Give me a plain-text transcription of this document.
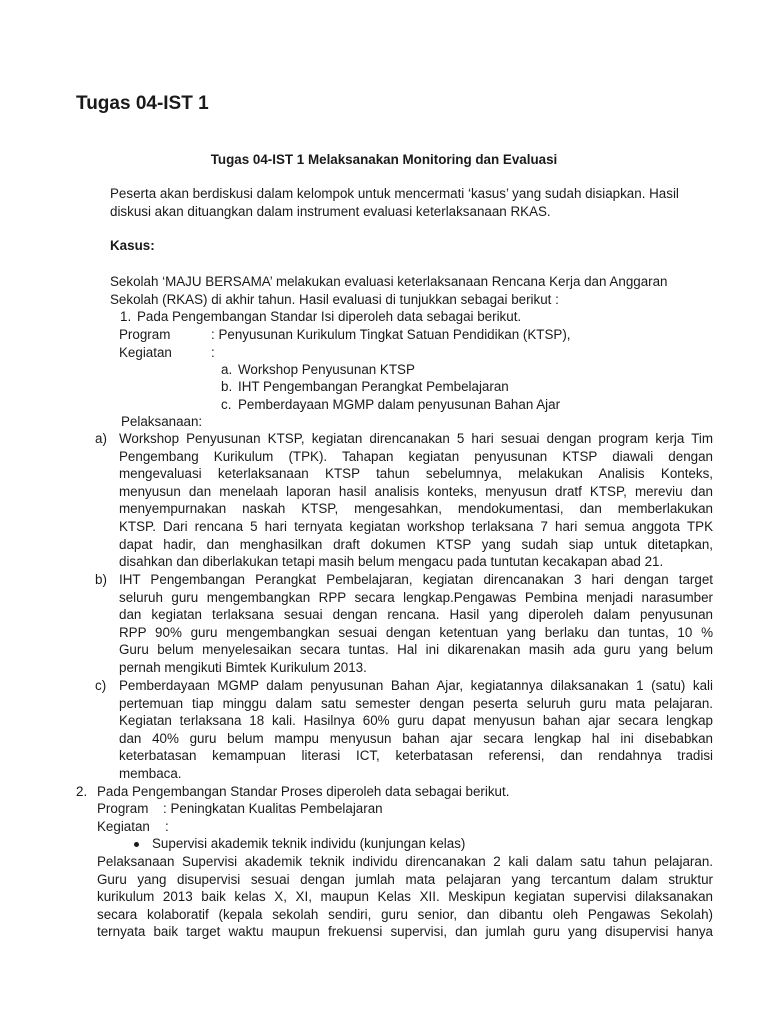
Tugas 04-IST 1
Tugas 04-IST 1 Melaksanakan Monitoring dan Evaluasi
Peserta akan berdiskusi dalam kelompok untuk mencermati ‘kasus’ yang sudah disiapkan. Hasil
diskusi akan dituangkan dalam instrument evaluasi keterlaksanaan RKAS.
Kasus:
Sekolah ‘MAJU BERSAMA’ melakukan evaluasi keterlaksanaan Rencana Kerja dan Anggaran
Sekolah (RKAS) di akhir tahun. Hasil evaluasi di tunjukkan sebagai berikut :
1. Pada Pengembangan Standar Isi diperoleh data sebagai berikut.
Program	: Penyusunan Kurikulum Tingkat Satuan Pendidikan (KTSP),
Kegiatan	:
a. Workshop Penyusunan KTSP
b. IHT Pengembangan Perangkat Pembelajaran
c. Pemberdayaan MGMP dalam penyusunan Bahan Ajar
Pelaksanaan:
a) Workshop Penyusunan KTSP, kegiatan direncanakan 5 hari sesuai dengan program kerja Tim
Pengembang Kurikulum (TPK). Tahapan kegiatan penyusunan KTSP diawali dengan
mengevaluasi keterlaksanaan KTSP tahun sebelumnya, melakukan Analisis Konteks,
menyusun dan menelaah laporan hasil analisis konteks, menyusun dratf KTSP, mereviu dan
menyempurnakan naskah KTSP, mengesahkan, mendokumentasi, dan memberlakukan
KTSP. Dari rencana 5 hari ternyata kegiatan workshop terlaksana 7 hari semua anggota TPK
dapat hadir, dan menghasilkan draft dokumen KTSP yang sudah siap untuk ditetapkan,
disahkan dan diberlakukan tetapi masih belum mengacu pada tuntutan kecakapan abad 21.
b) IHT Pengembangan Perangkat Pembelajaran, kegiatan direncanakan 3 hari dengan target
seluruh guru mengembangkan RPP secara lengkap.Pengawas Pembina menjadi narasumber
dan kegiatan terlaksana sesuai dengan rencana. Hasil yang diperoleh dalam penyusunan
RPP 90% guru mengembangkan sesuai dengan ketentuan yang berlaku dan tuntas, 10 %
Guru belum menyelesaikan secara tuntas. Hal ini dikarenakan masih ada guru yang belum
pernah mengikuti Bimtek Kurikulum 2013.
c) Pemberdayaan MGMP dalam penyusunan Bahan Ajar, kegiatannya dilaksanakan 1 (satu) kali
pertemuan tiap minggu dalam satu semester dengan peserta seluruh guru mata pelajaran.
Kegiatan terlaksana 18 kali. Hasilnya 60% guru dapat menyusun bahan ajar secara lengkap
dan 40% guru belum mampu menyusun bahan ajar secara lengkap hal ini disebabkan
keterbatasan kemampuan literasi ICT, keterbatasan referensi, dan rendahnya tradisi
membaca.
2. Pada Pengembangan Standar Proses diperoleh data sebagai berikut.
Program : Peningkatan Kualitas Pembelajaran
Kegiatan :
Supervisi akademik teknik individu (kunjungan kelas)
Pelaksanaan Supervisi akademik teknik individu direncanakan 2 kali dalam satu tahun pelajaran.
Guru yang disupervisi sesuai dengan jumlah mata pelajaran yang tercantum dalam struktur
kurikulum 2013 baik kelas X, XI, maupun Kelas XII. Meskipun kegiatan supervisi dilaksanakan
secara kolaboratif (kepala sekolah sendiri, guru senior, dan dibantu oleh Pengawas Sekolah)
ternyata baik target waktu maupun frekuensi supervisi, dan jumlah guru yang disupervisi hanya
